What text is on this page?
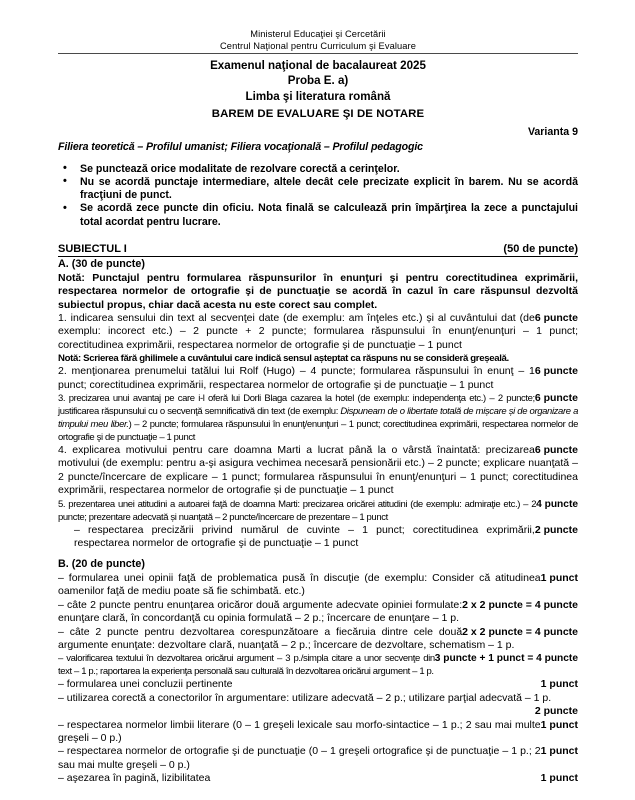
Ministerul Educaţiei şi Cercetării
Centrul Naţional pentru Curriculum şi Evaluare
Examenul naţional de bacalaureat 2025
Proba E. a)
Limba şi literatura română
BAREM DE EVALUARE ŞI DE NOTARE
Varianta 9
Filiera teoretică – Profilul umanist; Filiera vocaţională – Profilul pedagogic
• Se punctează orice modalitate de rezolvare corectă a cerinţelor.
• Nu se acordă punctaje intermediare, altele decât cele precizate explicit în barem. Nu se acordă fracţiuni de punct.
• Se acordă zece puncte din oficiu. Nota finală se calculează prin împărţirea la zece a punctajului total acordat pentru lucrare.
SUBIECTUL I	(50 de puncte)
A. (30 de puncte)

Notă: Punctajul pentru formularea răspunsurilor în enunţuri şi pentru corectitudinea exprimării, respectarea normelor de ortografie şi de punctuaţie se acordă în cazul în care răspunsul dezvoltă subiectul propus, chiar dacă acesta nu este corect sau complet.

6 puncte
1. indicarea sensului din text al secvenţei date (de exemplu: am înţeles etc.) și al cuvântului dat (de exemplu: incorect etc.) – 2 puncte + 2 puncte; formularea răspunsului în enunţ/enunţuri – 1 punct; corectitudinea exprimării, respectarea normelor de ortografie şi de punctuaţie – 1 punct

Notă: Scrierea fără ghilimele a cuvântului care indică sensul așteptat ca răspuns nu se consideră greșeală.

6 puncte
2. menţionarea prenumelui tatălui lui Rolf (Hugo) – 4 puncte; formularea răspunsului în enunţ – 1 punct; corectitudinea exprimării, respectarea normelor de ortografie şi de punctuaţie – 1 punct

6 puncte
3. precizarea unui avantaj pe care i-l oferă lui Dorli Blaga cazarea la hotel (de exemplu: independenţa etc.) – 2 puncte; justificarea răspunsului cu o secvenţă semnificativă din text (de exemplu: Dispuneam de o libertate totală de mișcare și de organizare a timpului meu liber.) – 2 puncte; formularea răspunsului în enunţ/enunţuri – 1 punct; corectitudinea exprimării, respectarea normelor de ortografie şi de punctuaţie – 1 punct

6 puncte
4. explicarea motivului pentru care doamna Marti a lucrat până la o vârstă înaintată: precizarea motivului (de exemplu: pentru a-şi asigura vechimea necesară pensionării etc.) – 2 puncte; explicare nuanţată – 2 puncte/încercare de explicare – 1 punct; formularea răspunsului în enunţ/enunţuri – 1 punct; corectitudinea exprimării, respectarea normelor de ortografie și de punctuaţie – 1 punct

4 puncte
5. prezentarea unei atitudini a autoarei faţă de doamna Marti: precizarea oricărei atitudini (de exemplu: admiraţie etc.) – 2 puncte; prezentare adecvată și nuanţată – 2 puncte/încercare de prezentare – 1 punct

2 puncte
– respectarea precizării privind numărul de cuvinte – 1 punct; corectitudinea exprimării, respectarea normelor de ortografie şi de punctuaţie – 1 punct

B. (20 de puncte)

1 punct
– formularea unei opinii faţă de problematica pusă în discuţie (de exemplu: Consider că atitudinea oamenilor faţă de mediu poate să fie schimbată. etc.)

2 x 2 puncte = 4 puncte
– câte 2 puncte pentru enunţarea oricăror două argumente adecvate opiniei formulate: enunţare clară, în concordanţă cu opinia formulată – 2 p.; încercare de enunţare – 1 p.

2 x 2 puncte = 4 puncte
– câte 2 puncte pentru dezvoltarea corespunzătoare a fiecăruia dintre cele două argumente enunţate: dezvoltare clară, nuanţată – 2 p.; încercare de dezvoltare, schematism – 1 p.

3 puncte + 1 punct = 4 puncte
– valorificarea textului în dezvoltarea oricărui argument – 3 p./simpla citare a unor secvenţe din text – 1 p.; raportarea la experienţa personală sau culturală în dezvoltarea oricărui argument – 1 p.

1 punct
– formularea unei concluzii pertinente

– utilizarea corectă a conectorilor în argumentare: utilizare adecvată – 2 p.; utilizare parţial adecvată – 1 p.

2 puncte

1 punct
– respectarea normelor limbii literare (0 – 1 greşeli lexicale sau morfo-sintactice – 1 p.; 2 sau mai multe greşeli – 0 p.)

1 punct
– respectarea normelor de ortografie şi de punctuaţie (0 – 1 greşeli ortografice şi de punctuaţie – 1 p.; 2 sau mai multe greşeli – 0 p.)

1 punct
– aşezarea în pagină, lizibilitatea
